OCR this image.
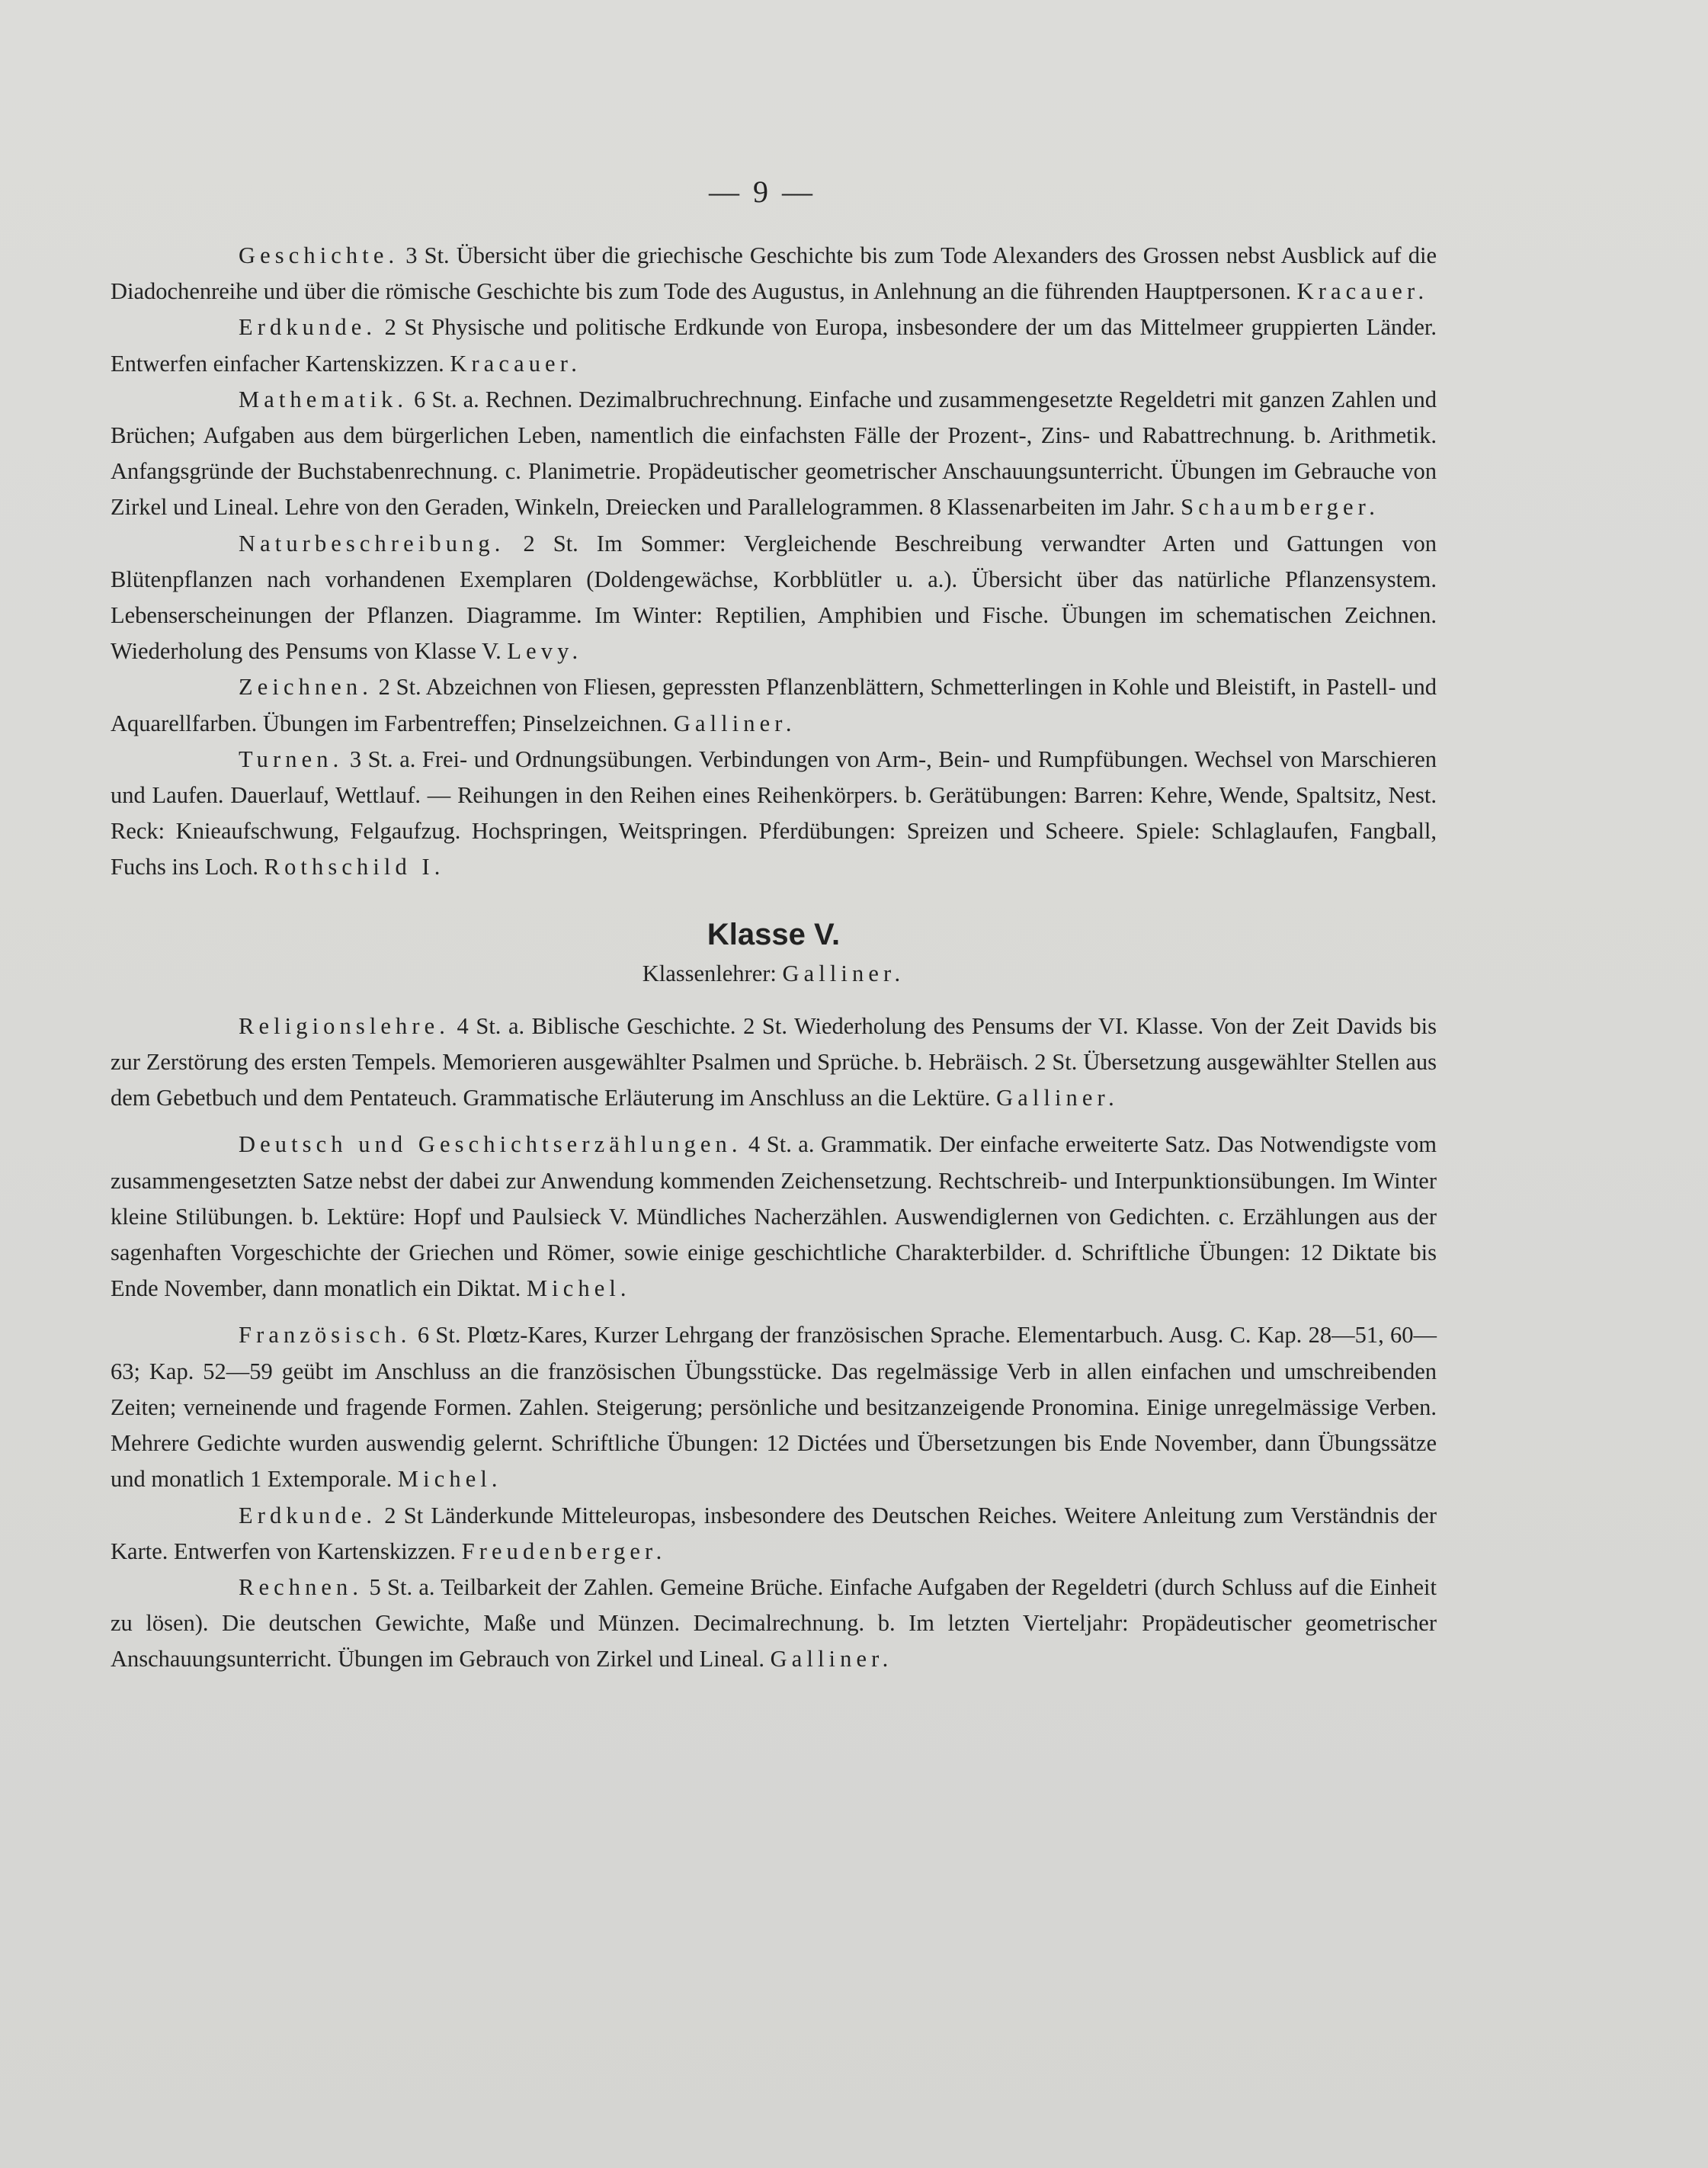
— 9 —

Geschichte. 3 St. Übersicht über die griechische Geschichte bis zum Tode Alexanders des Grossen nebst Ausblick auf die Diadochenreihe und über die römische Geschichte bis zum Tode des Augustus, in Anlehnung an die führenden Hauptpersonen. Kracauer.

Erdkunde. 2 St Physische und politische Erdkunde von Europa, insbesondere der um das Mittelmeer gruppierten Länder. Entwerfen einfacher Kartenskizzen. Kracauer.

Mathematik. 6 St. a. Rechnen. Dezimalbruchrechnung. Einfache und zusammengesetzte Regeldetri mit ganzen Zahlen und Brüchen; Aufgaben aus dem bürgerlichen Leben, namentlich die einfachsten Fälle der Prozent-, Zins- und Rabattrechnung. b. Arithmetik. Anfangsgründe der Buchstabenrechnung. c. Planimetrie. Propädeutischer geometrischer Anschauungsunterricht. Übungen im Gebrauche von Zirkel und Lineal. Lehre von den Geraden, Winkeln, Dreiecken und Parallelogrammen. 8 Klassenarbeiten im Jahr. Schaumberger.

Naturbeschreibung. 2 St. Im Sommer: Vergleichende Beschreibung verwandter Arten und Gattungen von Blütenpflanzen nach vorhandenen Exemplaren (Doldengewächse, Korbblütler u. a.). Übersicht über das natürliche Pflanzensystem. Lebenserscheinungen der Pflanzen. Diagramme. Im Winter: Reptilien, Amphibien und Fische. Übungen im schematischen Zeichnen. Wiederholung des Pensums von Klasse V. Levy.

Zeichnen. 2 St. Abzeichnen von Fliesen, gepressten Pflanzenblättern, Schmetterlingen in Kohle und Bleistift, in Pastell- und Aquarellfarben. Übungen im Farbentreffen; Pinselzeichnen. Galliner.

Turnen. 3 St. a. Frei- und Ordnungsübungen. Verbindungen von Arm-, Bein- und Rumpfübungen. Wechsel von Marschieren und Laufen. Dauerlauf, Wettlauf. — Reihungen in den Reihen eines Reihenkörpers. b. Gerätübungen: Barren: Kehre, Wende, Spaltsitz, Nest. Reck: Knieaufschwung, Felgaufzug. Hochspringen, Weitspringen. Pferdübungen: Spreizen und Scheere. Spiele: Schlaglaufen, Fangball, Fuchs ins Loch. Rothschild I.

Klasse V.

Klassenlehrer: Galliner.

Religionslehre. 4 St. a. Biblische Geschichte. 2 St. Wiederholung des Pensums der VI. Klasse. Von der Zeit Davids bis zur Zerstörung des ersten Tempels. Memorieren ausgewählter Psalmen und Sprüche. b. Hebräisch. 2 St. Übersetzung ausgewählter Stellen aus dem Gebetbuch und dem Pentateuch. Grammatische Erläuterung im Anschluss an die Lektüre. Galliner.

Deutsch und Geschichtserzählungen. 4 St. a. Grammatik. Der einfache erweiterte Satz. Das Notwendigste vom zusammengesetzten Satze nebst der dabei zur Anwendung kommenden Zeichensetzung. Rechtschreib- und Interpunktionsübungen. Im Winter kleine Stilübungen. b. Lektüre: Hopf und Paulsieck V. Mündliches Nacherzählen. Auswendiglernen von Gedichten. c. Erzählungen aus der sagenhaften Vorgeschichte der Griechen und Römer, sowie einige geschichtliche Charakterbilder. d. Schriftliche Übungen: 12 Diktate bis Ende November, dann monatlich ein Diktat. Michel.

Französisch. 6 St. Plœtz-Kares, Kurzer Lehrgang der französischen Sprache. Elementarbuch. Ausg. C. Kap. 28—51, 60—63; Kap. 52—59 geübt im Anschluss an die französischen Übungsstücke. Das regelmässige Verb in allen einfachen und umschreibenden Zeiten; verneinende und fragende Formen. Zahlen. Steigerung; persönliche und besitzanzeigende Pronomina. Einige unregelmässige Verben. Mehrere Gedichte wurden auswendig gelernt. Schriftliche Übungen: 12 Dictées und Übersetzungen bis Ende November, dann Übungssätze und monatlich 1 Extemporale. Michel.

Erdkunde. 2 St Länderkunde Mitteleuropas, insbesondere des Deutschen Reiches. Weitere Anleitung zum Verständnis der Karte. Entwerfen von Kartenskizzen. Freudenberger.

Rechnen. 5 St. a. Teilbarkeit der Zahlen. Gemeine Brüche. Einfache Aufgaben der Regeldetri (durch Schluss auf die Einheit zu lösen). Die deutschen Gewichte, Maße und Münzen. Decimalrechnung. b. Im letzten Vierteljahr: Propädeutischer geometrischer Anschauungsunterricht. Übungen im Gebrauch von Zirkel und Lineal. Galliner.
